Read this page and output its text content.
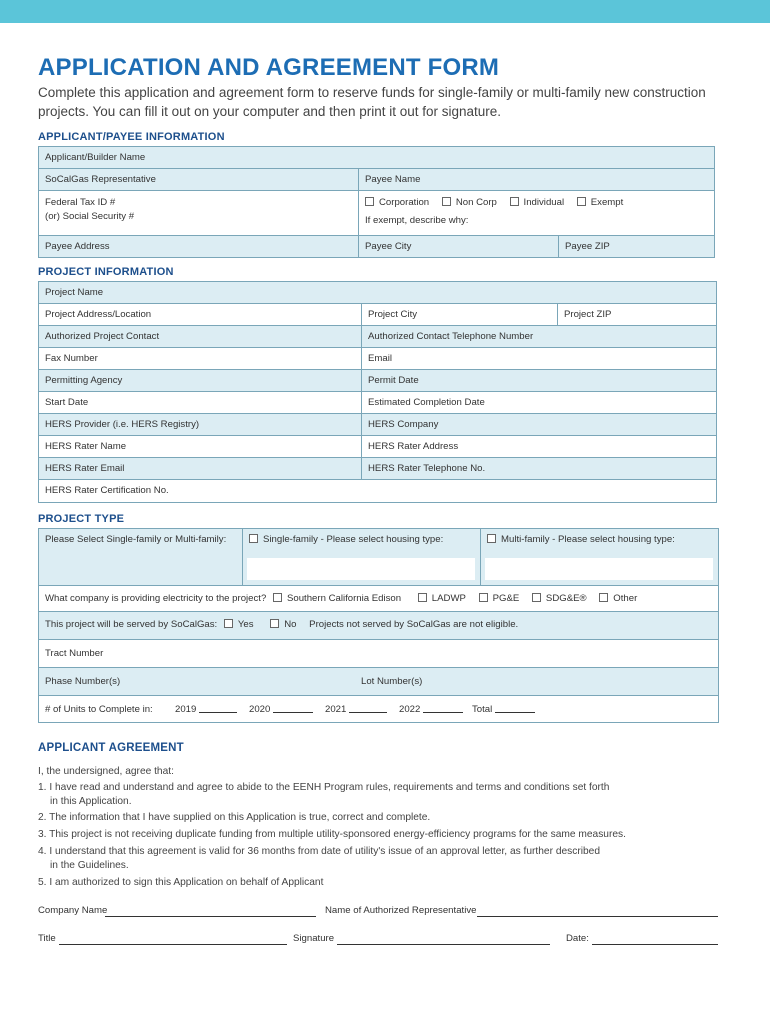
APPLICATION AND AGREEMENT FORM

Complete this application and agreement form to reserve funds for single-family or multi-family new construction projects. You can fill it out on your computer and then print it out for signature.

APPLICANT/PAYEE INFORMATION
Applicant/Builder Name
SoCalGas Representative	Payee Name
Federal Tax ID #
(or) Social Security #
Corporation	Non Corp	Individual	Exempt
If exempt, describe why:
Payee Address	Payee City	Payee ZIP
PROJECT INFORMATION
Project Name
Project Address/Location	Project City	Project ZIP
Authorized Project Contact	Authorized Contact Telephone Number
Fax Number	Email
Permitting Agency	Permit Date
Start Date	Estimated Completion Date
HERS Provider (i.e. HERS Registry)	HERS Company
HERS Rater Name	HERS Rater Address
HERS Rater Email	HERS Rater Telephone No.
HERS Rater Certification No.
PROJECT TYPE
Please Select Single-family or Multi-family:	Single-family - Please select housing type:	Multi-family - Please select housing type:
What company is providing electricity to the project? Southern California Edison	LADWP	PG&E	SDG&E®	Other
This project will be served by SoCalGas: Yes	No Projects not served by SoCalGas are not eligible.
Tract Number
Phase Number(s)	Lot Number(s)
# of Units to Complete in: 2019	2020	2021	2022	Total
APPLICANT AGREEMENT
I, the undersigned, agree that:
1. I have read and understand and agree to abide to the EENH Program rules, requirements and terms and conditions set forth
in this Application.
2. The information that I have supplied on this Application is true, correct and complete.
3. This project is not receiving duplicate funding from multiple utility-sponsored energy-efficiency programs for the same measures.
4. I understand that this agreement is valid for 36 months from date of utility's issue of an approval letter, as further described
in the Guidelines.
5. I am authorized to sign this Application on behalf of Applicant
Company Name	Name of Authorized Representative
Title	Signature	Date:
